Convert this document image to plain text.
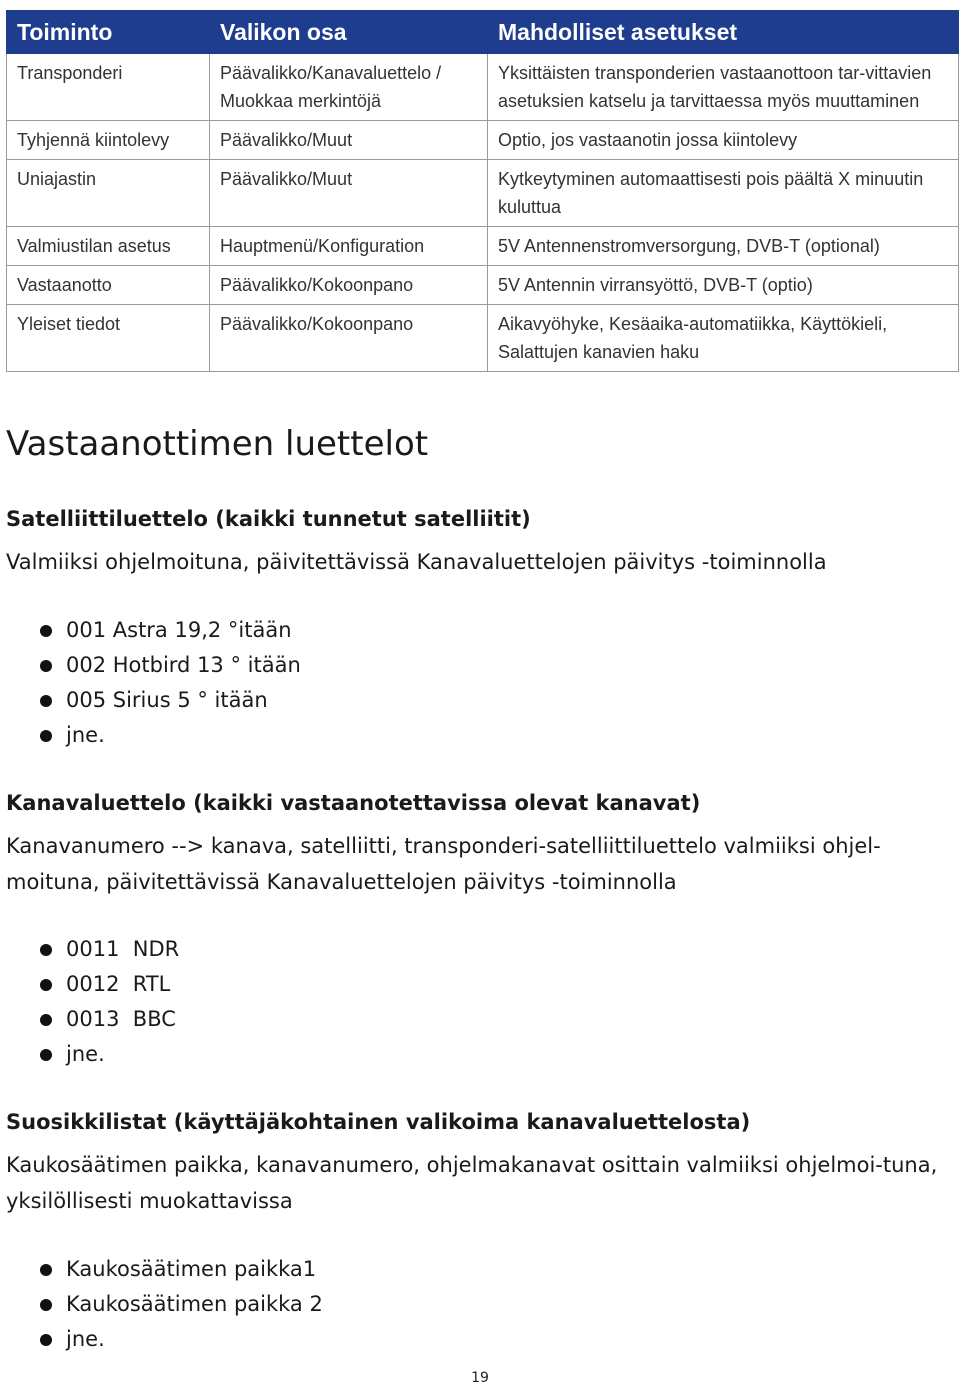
Toiminto	Valikon osa	Mahdolliset asetukset
Transponderi	Päävalikko/Kanavaluettelo / Muokkaa merkintöjä	Yksittäisten transponderien vastaanottoon tar-vittavien asetuksien katselu ja tarvittaessa myös muuttaminen
Tyhjennä kiintolevy	Päävalikko/Muut	Optio, jos vastaanotin jossa kiintolevy
Uniajastin	Päävalikko/Muut	Kytkeytyminen automaattisesti pois päältä X minuutin kuluttua
Valmiustilan asetus	Hauptmenü/Konfiguration	5V Antennenstromversorgung, DVB-T (optional)
Vastaanotto	Päävalikko/Kokoonpano	5V Antennin virransyöttö, DVB-T (optio)
Yleiset tiedot	Päävalikko/Kokoonpano	Aikavyöhyke, Kesäaika-automatiikka, Käyttökieli, Salattujen kanavien haku
Vastaanottimen luettelot
Satelliittiluettelo (kaikki tunnetut satelliitit)

Valmiiksi ohjelmoituna, päivitettävissä Kanavaluettelojen päivitys -toiminnolla

001 Astra 19,2 °itään
002 Hotbird 13 ° itään
005 Sirius 5 ° itään
jne.
Kanavaluettelo (kaikki vastaanotettavissa olevat kanavat)

Kanavanumero --> kanava, satelliitti, transponderi-satelliittiluettelo valmiiksi ohjel-moituna, päivitettävissä Kanavaluettelojen päivitys -toiminnolla

0011  NDR
0012  RTL
0013  BBC
jne.
Suosikkilistat (käyttäjäkohtainen valikoima kanavaluettelosta)

Kaukosäätimen paikka, kanavanumero, ohjelmakanavat osittain valmiiksi ohjelmoi-tuna, yksilöllisesti muokattavissa

Kaukosäätimen paikka1
Kaukosäätimen paikka 2
jne.
19
